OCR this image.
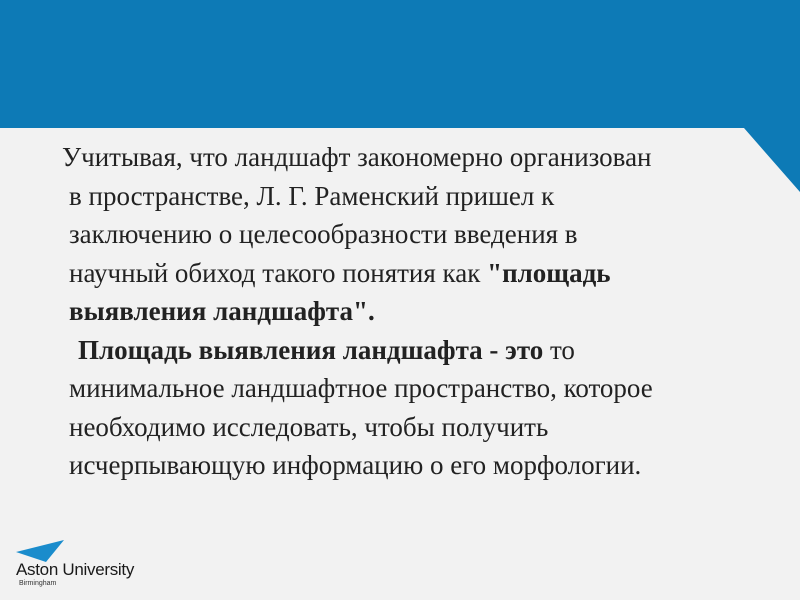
Учитывая, что ландшафт закономерно организован
в пространстве, Л. Г. Раменский пришел к
заключению о целесообразности введения в
научный обиход такого понятия как "площадь
выявления ландшафта".

Площадь выявления ландшафта - это то
минимальное ландшафтное пространство, которое
необходимо исследовать, чтобы получить
исчерпывающую информацию о его морфологии.

Aston University
Birmingham
